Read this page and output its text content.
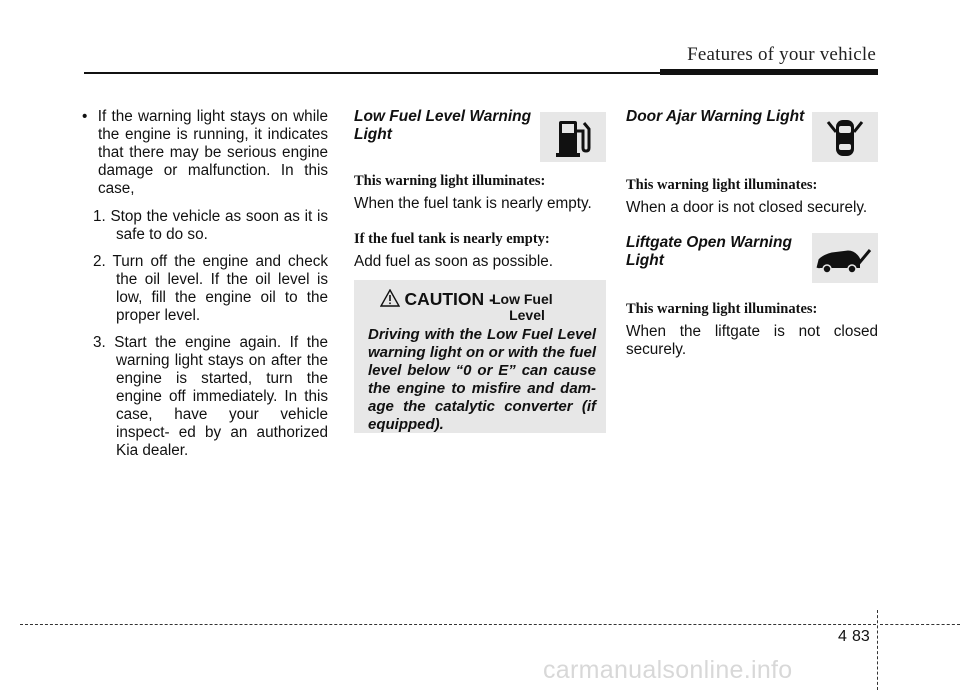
Features of your vehicle

•  If the warning light stays on while the engine is running, it indicates that there may be serious engine damage or malfunction. In this case,

1. Stop the vehicle as soon as it is safe to do so.

2. Turn off the engine and check the oil level. If the oil level is low, fill the engine oil to the proper level.

3. Start the engine again. If the warning light stays on after the engine is started, turn the engine off immediately. In this case, have your vehicle inspect- ed by an authorized Kia dealer.

Low Fuel Level Warning Light

This warning light illuminates:

When the fuel tank is nearly empty.

If the fuel tank is nearly empty:

Add fuel as soon as possible.

CAUTION -
Low Fuel
Level
Driving with the Low Fuel Level warning light on or with the fuel level below “0 or E” can cause the engine to misfire and dam- age the catalytic converter (if equipped).

Door Ajar Warning Light

This warning light illuminates:

When a door is not closed securely.

Liftgate Open Warning Light

This warning light illuminates:

When the liftgate is not closed securely.

4 83
carmanualsonline.info
